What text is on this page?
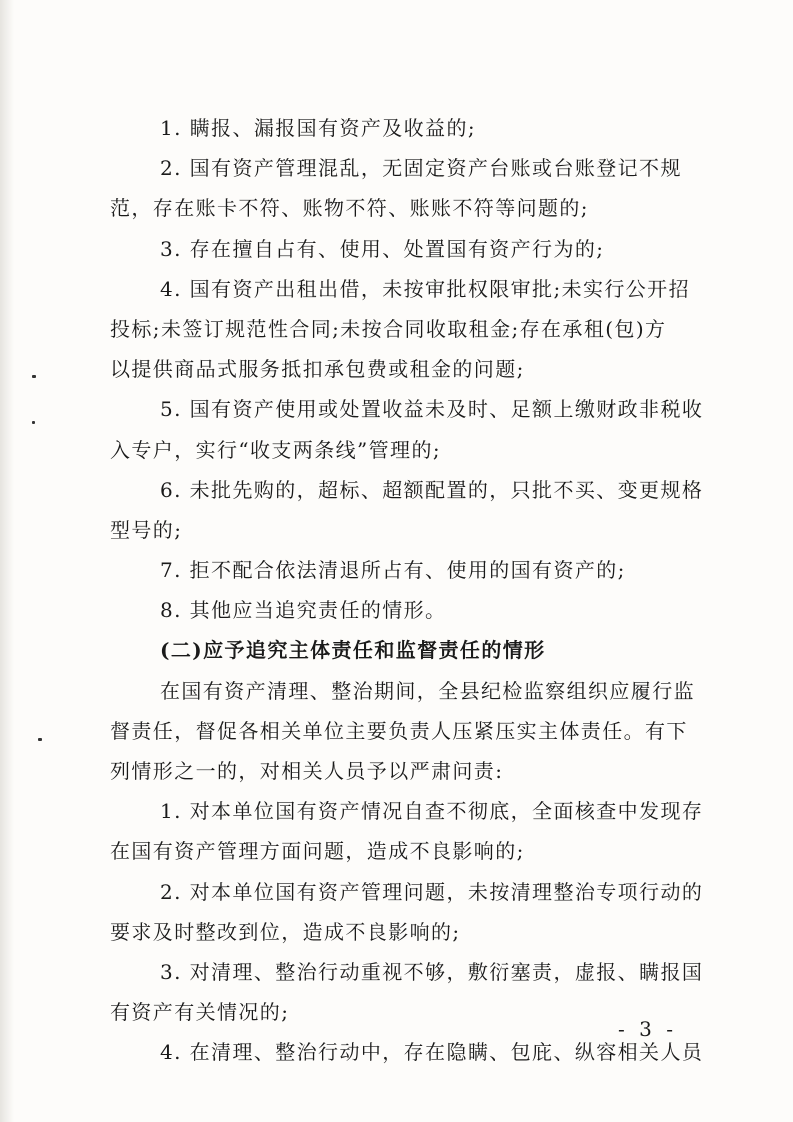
1. 瞒报、漏报国有资产及收益的;
2. 国有资产管理混乱，无固定资产台账或台账登记不规
范，存在账卡不符、账物不符、账账不符等问题的;
3. 存在擅自占有、使用、处置国有资产行为的;
4. 国有资产出租出借，未按审批权限审批;未实行公开招
投标;未签订规范性合同;未按合同收取租金;存在承租(包)方
以提供商品式服务抵扣承包费或租金的问题;
5. 国有资产使用或处置收益未及时、足额上缴财政非税收
入专户，实行“收支两条线”管理的;
6. 未批先购的，超标、超额配置的，只批不买、变更规格
型号的;
7. 拒不配合依法清退所占有、使用的国有资产的;
8. 其他应当追究责任的情形。
(二)应予追究主体责任和监督责任的情形
在国有资产清理、整治期间，全县纪检监察组织应履行监
督责任，督促各相关单位主要负责人压紧压实主体责任。有下
列情形之一的，对相关人员予以严肃问责:
1. 对本单位国有资产情况自查不彻底，全面核查中发现存
在国有资产管理方面问题，造成不良影响的;
2. 对本单位国有资产管理问题，未按清理整治专项行动的
要求及时整改到位，造成不良影响的;
3. 对清理、整治行动重视不够，敷衍塞责，虚报、瞒报国
有资产有关情况的;
4. 在清理、整治行动中，存在隐瞒、包庇、纵容相关人员
- 3 -
